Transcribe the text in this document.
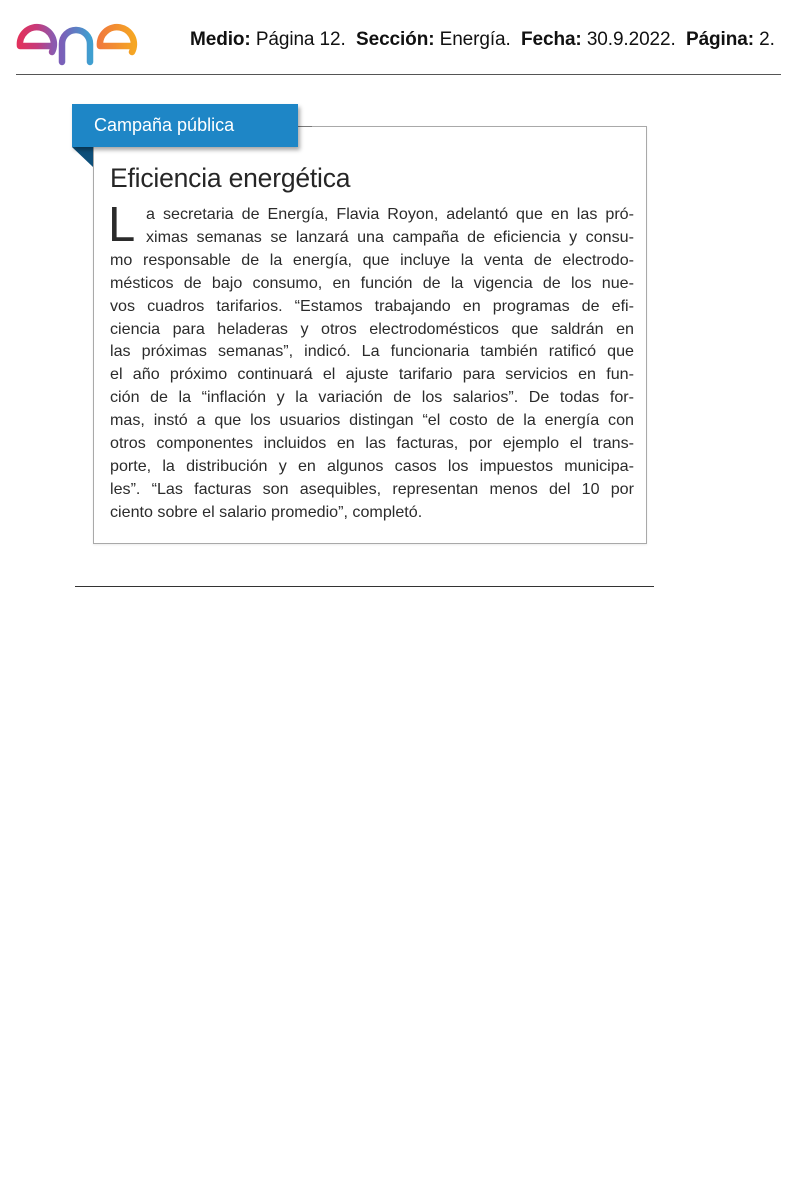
Medio: Página 12. Sección: Energía. Fecha: 30.9.2022. Página: 2.
Campaña pública
Eficiencia energética
L a secretaria de Energía, Flavia Royon, adelantó que en las pró-
ximas semanas se lanzará una campaña de eficiencia y consu-
mo responsable de la energía, que incluye la venta de electrodo-
mésticos de bajo consumo, en función de la vigencia de los nue-
vos cuadros tarifarios. “Estamos trabajando en programas de efi-
ciencia para heladeras y otros electrodomésticos que saldrán en
las próximas semanas”, indicó. La funcionaria también ratificó que
el año próximo continuará el ajuste tarifario para servicios en fun-
ción de la “inflación y la variación de los salarios”. De todas for-
mas, instó a que los usuarios distingan “el costo de la energía con
otros componentes incluidos en las facturas, por ejemplo el trans-
porte, la distribución y en algunos casos los impuestos municipa-
les”. “Las facturas son asequibles, representan menos del 10 por
ciento sobre el salario promedio”, completó.
